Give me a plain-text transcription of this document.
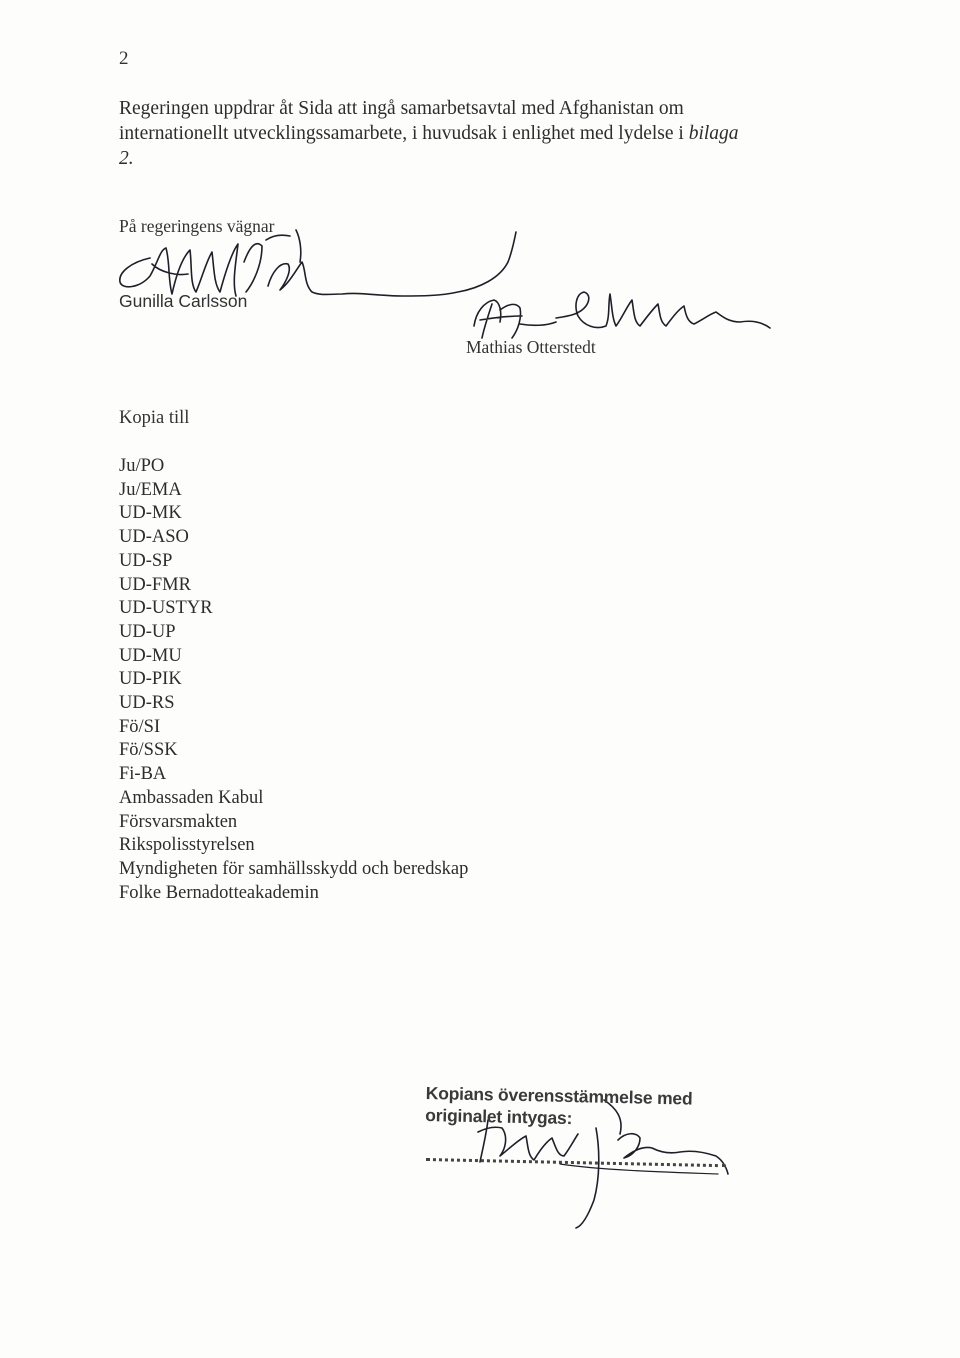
2

Regeringen uppdrar åt Sida att ingå samarbetsavtal med Afghanistan om internationellt utvecklingssamarbete, i huvudsak i enlighet med lydelse i bilaga 2.

På regeringens vägnar
Gunilla Carlsson
Mathias Otterstedt
Kopia till
Ju/PO
Ju/EMA
UD-MK
UD-ASO
UD-SP
UD-FMR
UD-USTYR
UD-UP
UD-MU
UD-PIK
UD-RS
Fö/SI
Fö/SSK
Fi-BA
Ambassaden Kabul
Försvarsmakten
Rikspolisstyrelsen
Myndigheten för samhällsskydd och beredskap
Folke Bernadotteakademin
Kopians överensstämmelse med
originalet intygas:
